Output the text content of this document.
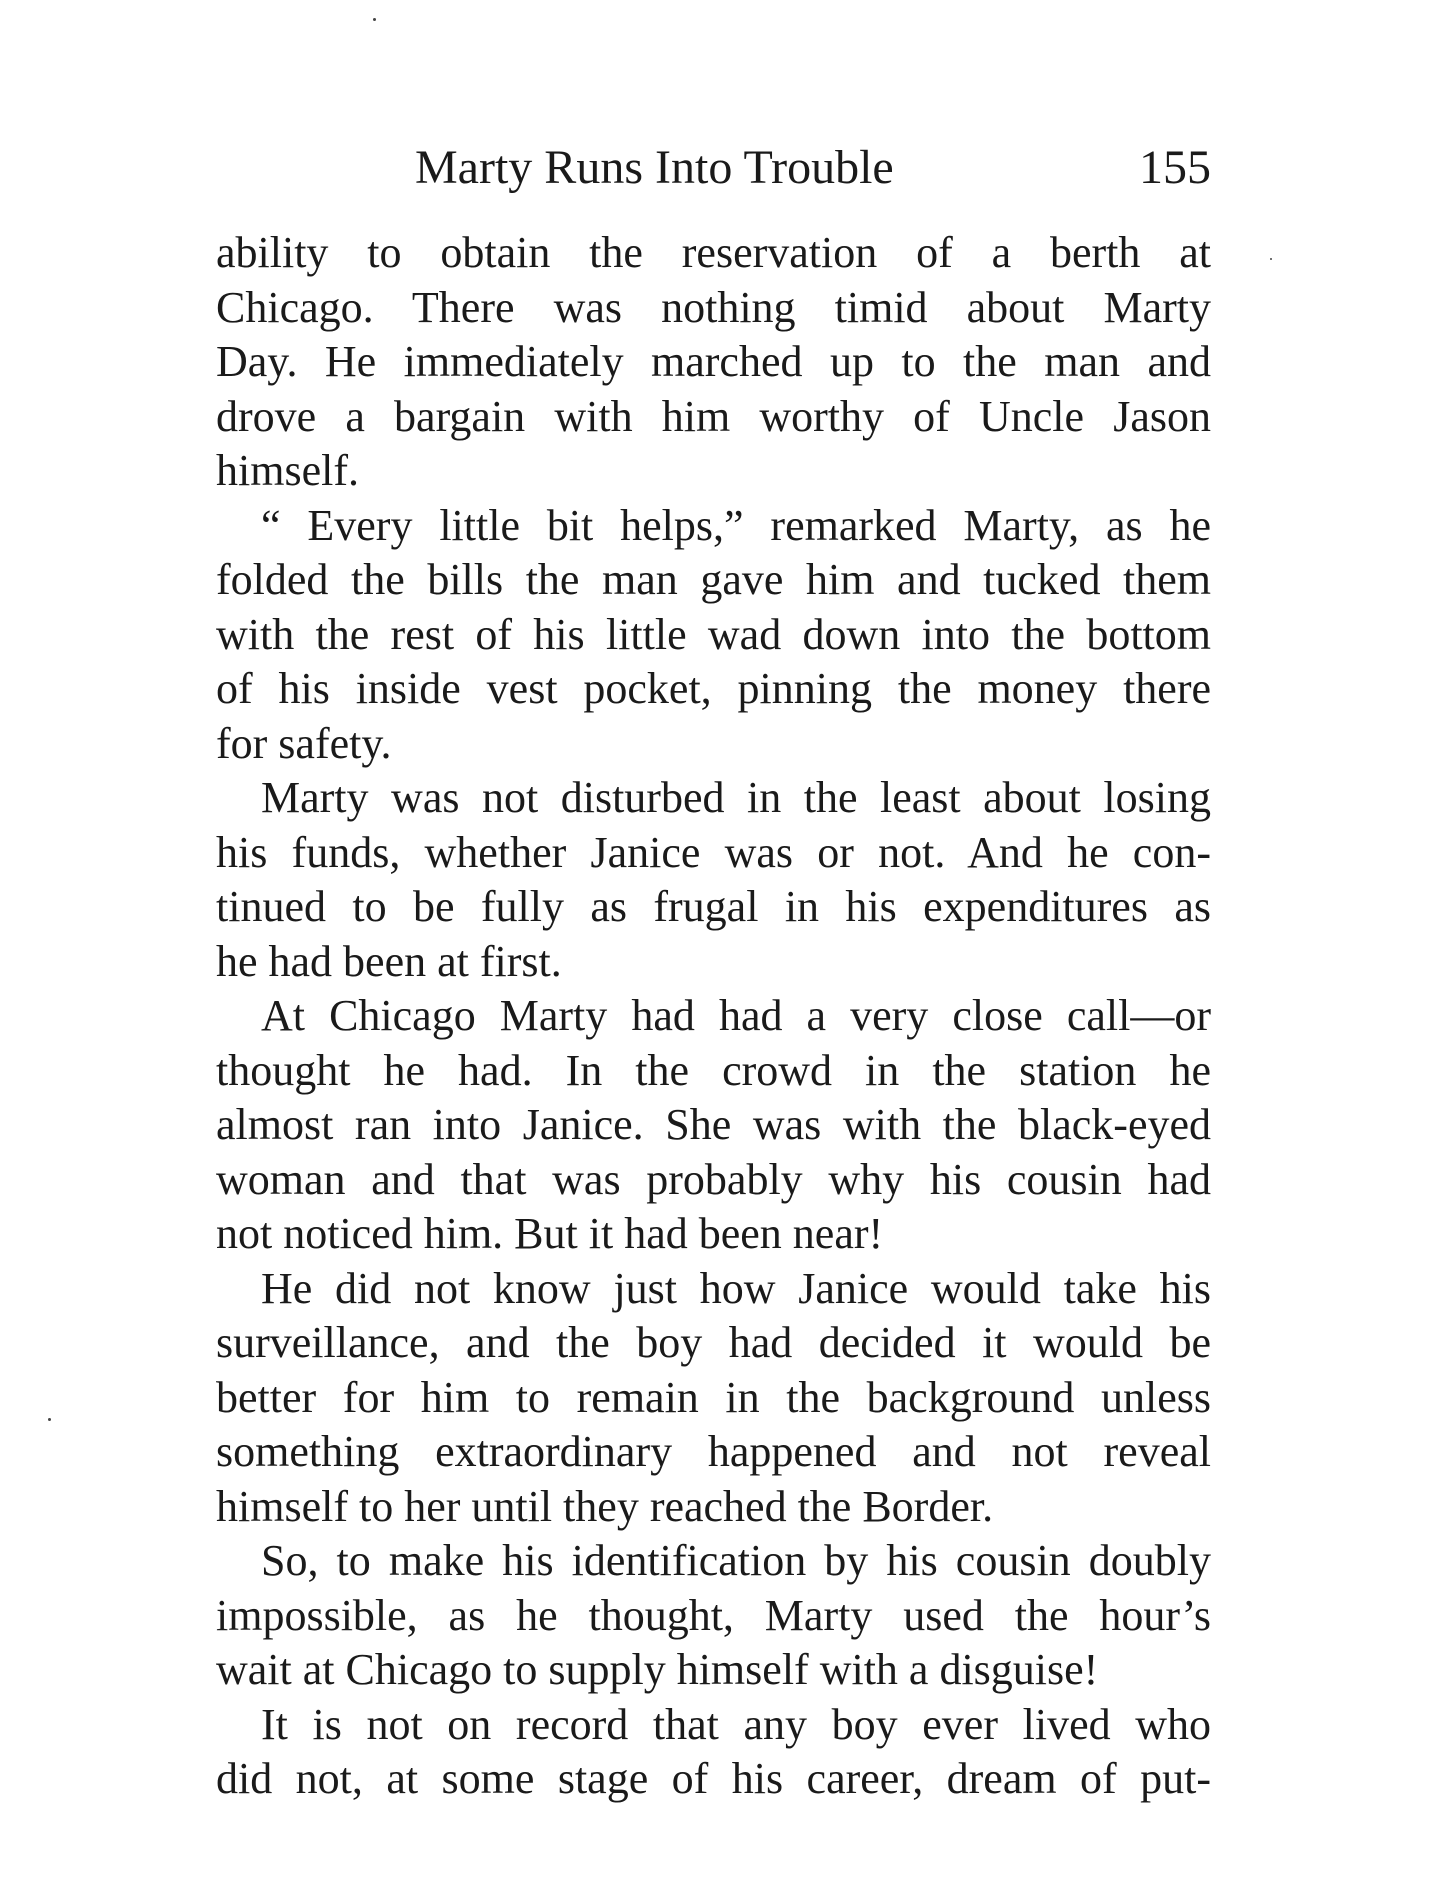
Marty Runs Into Trouble	155
ability to obtain the reservation of a berth at
Chicago. There was nothing timid about Marty
Day. He immediately marched up to the man and
drove a bargain with him worthy of Uncle Jason
himself.
“ Every little bit helps,” remarked Marty, as he
folded the bills the man gave him and tucked them
with the rest of his little wad down into the bottom
of his inside vest pocket, pinning the money there
for safety.
Marty was not disturbed in the least about losing
his funds, whether Janice was or not. And he con-
tinued to be fully as frugal in his expenditures as
he had been at first.
At Chicago Marty had had a very close call—or
thought he had. In the crowd in the station he
almost ran into Janice. She was with the black-eyed
woman and that was probably why his cousin had
not noticed him. But it had been near!
He did not know just how Janice would take his
surveillance, and the boy had decided it would be
better for him to remain in the background unless
something extraordinary happened and not reveal
himself to her until they reached the Border.
So, to make his identification by his cousin doubly
impossible, as he thought, Marty used the hour’s
wait at Chicago to supply himself with a disguise!
It is not on record that any boy ever lived who
did not, at some stage of his career, dream of put-
